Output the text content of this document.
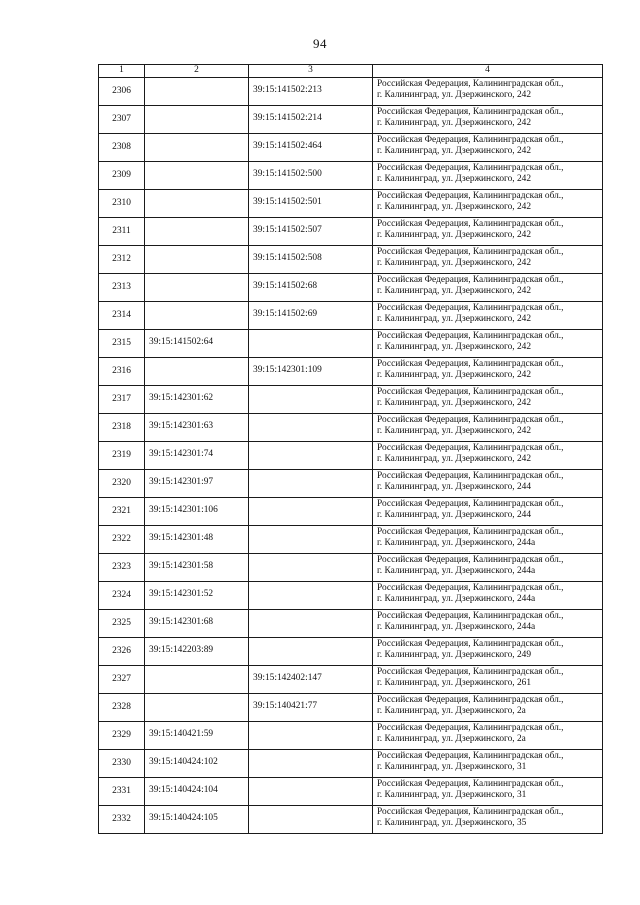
94
1	2	3	4
2306		39:15:141502:213	Российская Федерация, Калининградская обл.,
г. Калининград, ул. Дзержинского, 242

2307		39:15:141502:214	Российская Федерация, Калининградская обл.,
г. Калининград, ул. Дзержинского, 242

2308		39:15:141502:464	Российская Федерация, Калининградская обл.,
г. Калининград, ул. Дзержинского, 242

2309		39:15:141502:500	Российская Федерация, Калининградская обл.,
г. Калининград, ул. Дзержинского, 242

2310		39:15:141502:501	Российская Федерация, Калининградская обл.,
г. Калининград, ул. Дзержинского, 242

2311		39:15:141502:507	Российская Федерация, Калининградская обл.,
г. Калининград, ул. Дзержинского, 242

2312		39:15:141502:508	Российская Федерация, Калининградская обл.,
г. Калининград, ул. Дзержинского, 242

2313		39:15:141502:68	Российская Федерация, Калининградская обл.,
г. Калининград, ул. Дзержинского, 242

2314		39:15:141502:69	Российская Федерация, Калининградская обл.,
г. Калининград, ул. Дзержинского, 242

2315	39:15:141502:64		Российская Федерация, Калининградская обл.,
г. Калининград, ул. Дзержинского, 242

2316		39:15:142301:109	Российская Федерация, Калининградская обл.,
г. Калининград, ул. Дзержинского, 242

2317	39:15:142301:62		Российская Федерация, Калининградская обл.,
г. Калининград, ул. Дзержинского, 242

2318	39:15:142301:63		Российская Федерация, Калининградская обл.,
г. Калининград, ул. Дзержинского, 242

2319	39:15:142301:74		Российская Федерация, Калининградская обл.,
г. Калининград, ул. Дзержинского, 242

2320	39:15:142301:97		Российская Федерация, Калининградская обл.,
г. Калининград, ул. Дзержинского, 244

2321	39:15:142301:106		Российская Федерация, Калининградская обл.,
г. Калининград, ул. Дзержинского, 244

2322	39:15:142301:48		Российская Федерация, Калининградская обл.,
г. Калининград, ул. Дзержинского, 244а

2323	39:15:142301:58		Российская Федерация, Калининградская обл.,
г. Калининград, ул. Дзержинского, 244а

2324	39:15:142301:52		Российская Федерация, Калининградская обл.,
г. Калининград, ул. Дзержинского, 244а

2325	39:15:142301:68		Российская Федерация, Калининградская обл.,
г. Калининград, ул. Дзержинского, 244а

2326	39:15:142203:89		Российская Федерация, Калининградская обл.,
г. Калининград, ул. Дзержинского, 249

2327		39:15:142402:147	Российская Федерация, Калининградская обл.,
г. Калининград, ул. Дзержинского, 261

2328		39:15:140421:77	Российская Федерация, Калининградская обл.,
г. Калининград, ул. Дзержинского, 2а

2329	39:15:140421:59		Российская Федерация, Калининградская обл.,
г. Калининград, ул. Дзержинского, 2а

2330	39:15:140424:102		Российская Федерация, Калининградская обл.,
г. Калининград, ул. Дзержинского, 31

2331	39:15:140424:104		Российская Федерация, Калининградская обл.,
г. Калининград, ул. Дзержинского, 31

2332	39:15:140424:105		Российская Федерация, Калининградская обл.,
г. Калининград, ул. Дзержинского, 35
